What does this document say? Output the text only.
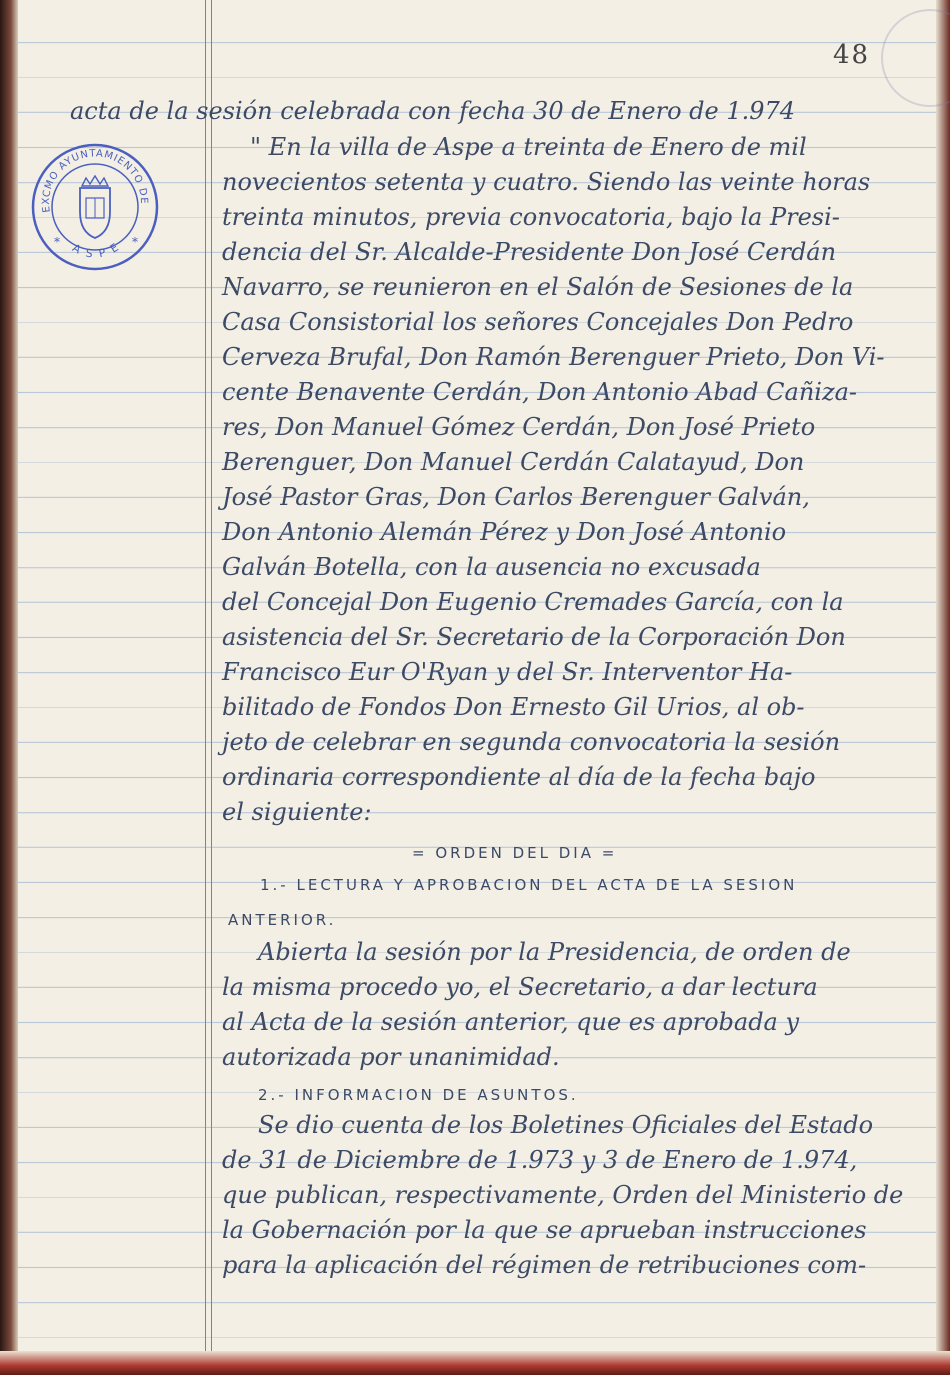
48
EXCMO AYUNTAMIENTO DE
A S P E
*	*
acta de la sesión celebrada con fecha 30 de Enero de 1.974
" En la villa de Aspe a treinta de Enero de mil
novecientos setenta y cuatro. Siendo las veinte horas
treinta minutos, previa convocatoria, bajo la Presi-
dencia del Sr. Alcalde-Presidente Don José Cerdán
Navarro, se reunieron en el Salón de Sesiones de la
Casa Consistorial los señores Concejales Don Pedro
Cerveza Brufal, Don Ramón Berenguer Prieto, Don Vi-
cente Benavente Cerdán, Don Antonio Abad Cañiza-
res, Don Manuel Gómez Cerdán, Don José Prieto
Berenguer, Don Manuel Cerdán Calatayud, Don
José Pastor Gras, Don Carlos Berenguer Galván,
Don Antonio Alemán Pérez y Don José Antonio
Galván Botella, con la ausencia no excusada
del Concejal Don Eugenio Cremades García, con la
asistencia del Sr. Secretario de la Corporación Don
Francisco Eur O'Ryan y del Sr. Interventor Ha-
bilitado de Fondos Don Ernesto Gil Urios, al ob-
jeto de celebrar en segunda convocatoria la sesión
ordinaria correspondiente al día de la fecha bajo
el siguiente:
= ORDEN DEL DIA =
1.- LECTURA Y APROBACION DEL ACTA DE LA SESION
ANTERIOR.
Abierta la sesión por la Presidencia, de orden de
la misma procedo yo, el Secretario, a dar lectura
al Acta de la sesión anterior, que es aprobada y
autorizada por unanimidad.
2.- INFORMACION DE ASUNTOS.
Se dio cuenta de los Boletines Oficiales del Estado
de 31 de Diciembre de 1.973 y 3 de Enero de 1.974,
que publican, respectivamente, Orden del Ministerio de
la Gobernación por la que se aprueban instrucciones
para la aplicación del régimen de retribuciones com-
